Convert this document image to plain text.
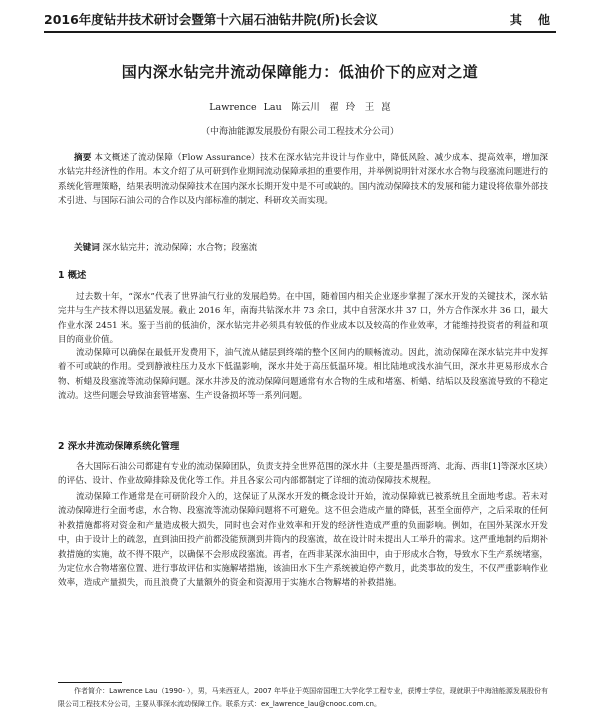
2016年度钻井技术研讨会暨第十六届石油钻井院(所)长会议	其 他
国内深水钻完井流动保障能力：低油价下的应对之道
Lawrence Lau　陈云川　翟 玲　王 崑
（中海油能源发展股份有限公司工程技术分公司）
摘要 本文概述了流动保障（Flow Assurance）技术在深水钻完井设计与作业中，降低风险、减少成本、提高效率，增加深水钻完井经济性的作用。本文介绍了从可研到作业期间流动保障承担的重要作用，并举例说明针对深水水合物与段塞流问题进行的系统化管理策略，结果表明流动保障技术在国内深水长期开发中是不可或缺的。国内流动保障技术的发展和能力建设将依靠外部技术引进、与国际石油公司的合作以及内部标准的制定、科研攻关而实现。
关键词 深水钻完井；流动保障；水合物；段塞流
1 概述
过去数十年，“深水”代表了世界油气行业的发展趋势。在中国，随着国内相关企业逐步掌握了深水开发的关键技术，深水钻完井与生产技术得以迅猛发展。截止 2016 年，南海共钻深水井 73 余口，其中自营深水井 37 口，外方合作深水井 36 口，最大作业水深 2451 米。鉴于当前的低油价，深水钻完井必须具有较低的作业成本以及较高的作业效率，才能维持投资者的利益和项目的商业价值。
流动保障可以确保在最低开发费用下，油气流从储层到终端的整个区间内的顺畅流动。因此，流动保障在深水钻完井中发挥着不可或缺的作用。受到静液柱压力及水下低温影响，深水井处于高压低温环境。相比陆地或浅水油气田，深水井更易形成水合物、析蜡及段塞流等流动保障问题。深水井涉及的流动保障问题通常有水合物的生成和堵塞、析蜡、结垢以及段塞流导致的不稳定流动。这些问题会导致油套管堵塞、生产设备损坏等一系列问题。
2 深水井流动保障系统化管理
各大国际石油公司都建有专业的流动保障团队，负责支持全世界范围的深水井（主要是墨西哥湾、北海、西非[1]等深水区块）的评估、设计、作业故障排除及优化等工作。并且各家公司内部都制定了详细的流动保障技术规程。
流动保障工作通常是在可研阶段介入的，这保证了从深水开发的概念设计开始，流动保障就已被系统且全面地考虑。若未对流动保障进行全面考虑，水合物、段塞流等流动保障问题将不可避免。这不但会造成产量的降低，甚至全面停产，之后采取的任何补救措施都将对资金和产量造成极大损失，同时也会对作业效率和开发的经济性造成严重的负面影响。例如，在国外某深水开发中，由于设计上的疏忽，直到油田投产前都没能预测到井筒内的段塞流，故在设计时未提出人工举升的需求。这严重地制约后期补救措施的实施，故不得不限产，以确保不会形成段塞流。再者，在西非某深水油田中，由于形成水合物，导致水下生产系统堵塞，为定位水合物堵塞位置、进行事故评估和实施解堵措施，该油田水下生产系统被迫停产数月，此类事故的发生，不仅严重影响作业效率，造成产量损失，而且浪费了大量额外的资金和资源用于实施水合物解堵的补救措施。
作者简介：Lawrence Lau（1990- ），男，马来西亚人，2007 年毕业于英国帝国理工大学化学工程专业，获博士学位，现就职于中海油能源发展股份有限公司工程技术分公司，主要从事深水流动保障工作。联系方式：ex_lawrence_lau@cnooc.com.cn。
